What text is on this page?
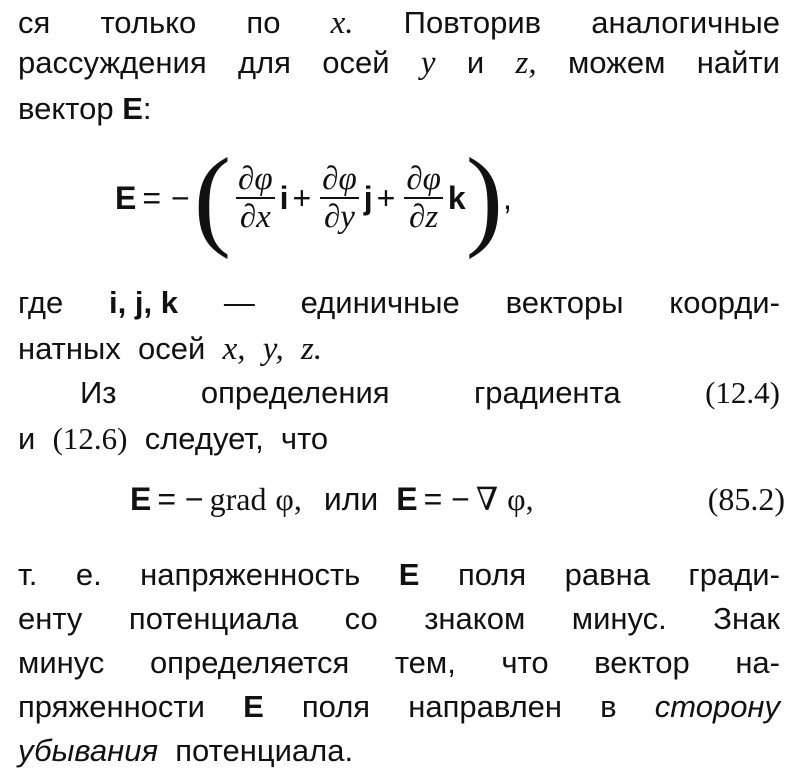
ся только по x. Повторив аналогичные
рассуждения для осей y и z, можем найти
вектор E:
E = − ( $\frac{\partial\varphi}{\partial x}$ $i + \frac{\partial\varphi}{\partial y}$ $j + \frac{\partial\varphi}{\partial z}$ k ) ,
где i, j, k — единичные векторы коорди-
натных осей x, y, z.
Из	определения	градиента	(12.4)
и (12.6) следует, что
E = − grad
φ, или E = − ∇
φ,	(85.2)
т. е. напряженность E поля равна гради-
енту потенциала со знаком минус. Знак
минус определяется тем, что вектор на-
пряженности E поля направлен в сторону
убывания потенциала.
